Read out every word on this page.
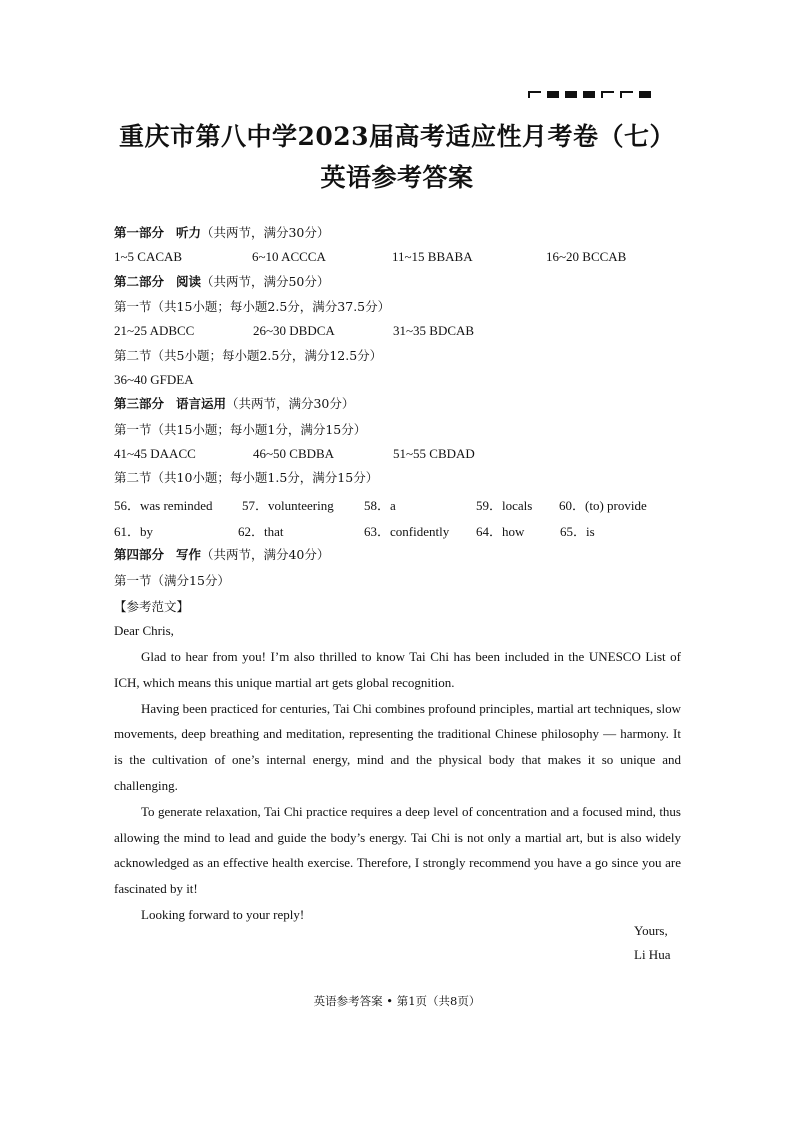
重庆市第八中学2023届高考适应性月考卷（七）
英语参考答案
第一部分 听力（共两节，满分30分）
1~5 CACAB	6~10 ACCCA	11~15 BBABA	16~20 BCCAB
第二部分 阅读（共两节，满分50分）
第一节（共15小题；每小题2.5分，满分37.5分）
21~25 ADBCC	26~30 DBDCA	31~35 BDCAB
第二节（共5小题；每小题2.5分，满分12.5分）
36~40 GFDEA
第三部分 语言运用（共两节，满分30分）
第一节（共15小题；每小题1分，满分15分）
41~45 DAACC	46~50 CBDBA	51~55 CBDAD
第二节（共10小题；每小题1.5分，满分15分）
56．was reminded 57．volunteering 58．a	59．locals 60．(to) provide
61．by	62．that	63．confidently 64．how	65．is
第四部分 写作（共两节，满分40分）
第一节（满分15分）
【参考范文】
Dear Chris,

Glad to hear from you! I’m also thrilled to know Tai Chi has been included in the UNESCO List of ICH, which means this unique martial art gets global recognition.

Having been practiced for centuries, Tai Chi combines profound principles, martial art techniques, slow movements, deep breathing and meditation, representing the traditional Chinese philosophy — harmony. It is the cultivation of one’s internal energy, mind and the physical body that makes it so unique and challenging.

To generate relaxation, Tai Chi practice requires a deep level of concentration and a focused mind, thus allowing the mind to lead and guide the body’s energy. Tai Chi is not only a martial art, but is also widely acknowledged as an effective health exercise. Therefore, I strongly recommend you have a go since you are fascinated by it!

Looking forward to your reply!

Yours,
Li Hua
英语参考答案 • 第1页（共8页）
